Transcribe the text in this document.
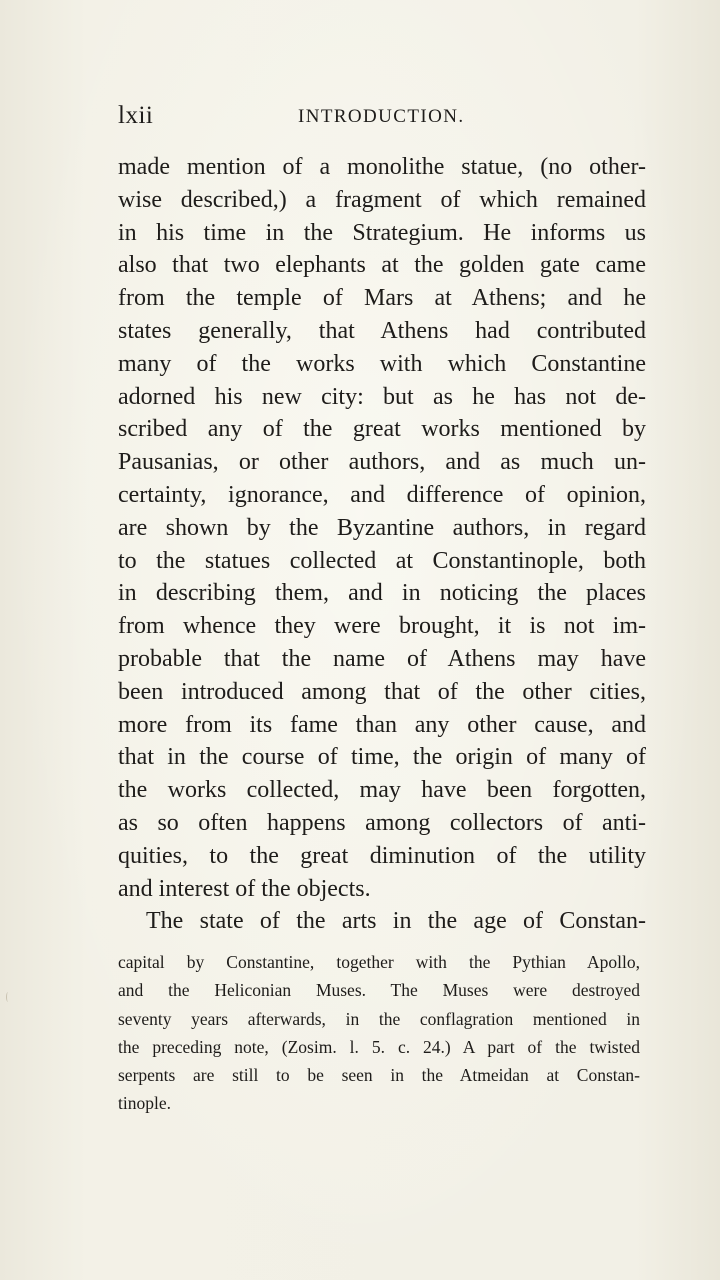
lxii	INTRODUCTION.
made mention of a monolithe statue, (no other-
wise described,) a fragment of which remained
in his time in the Strategium. He informs us
also that two elephants at the golden gate came
from the temple of Mars at Athens; and he
states generally, that Athens had contributed
many of the works with which Constantine
adorned his new city: but as he has not de-
scribed any of the great works mentioned by
Pausanias, or other authors, and as much un-
certainty, ignorance, and difference of opinion,
are shown by the Byzantine authors, in regard
to the statues collected at Constantinople, both
in describing them, and in noticing the places
from whence they were brought, it is not im-
probable that the name of Athens may have
been introduced among that of the other cities,
more from its fame than any other cause, and
that in the course of time, the origin of many of
the works collected, may have been forgotten,
as so often happens among collectors of anti-
quities, to the great diminution of the utility
and interest of the objects.
The state of the arts in the age of Constan-
capital by Constantine, together with the Pythian Apollo,
and the Heliconian Muses. The Muses were destroyed
seventy years afterwards, in the conflagration mentioned in
the preceding note, (Zosim. l. 5. c. 24.) A part of the twisted
serpents are still to be seen in the Atmeidan at Constan-
tinople.
